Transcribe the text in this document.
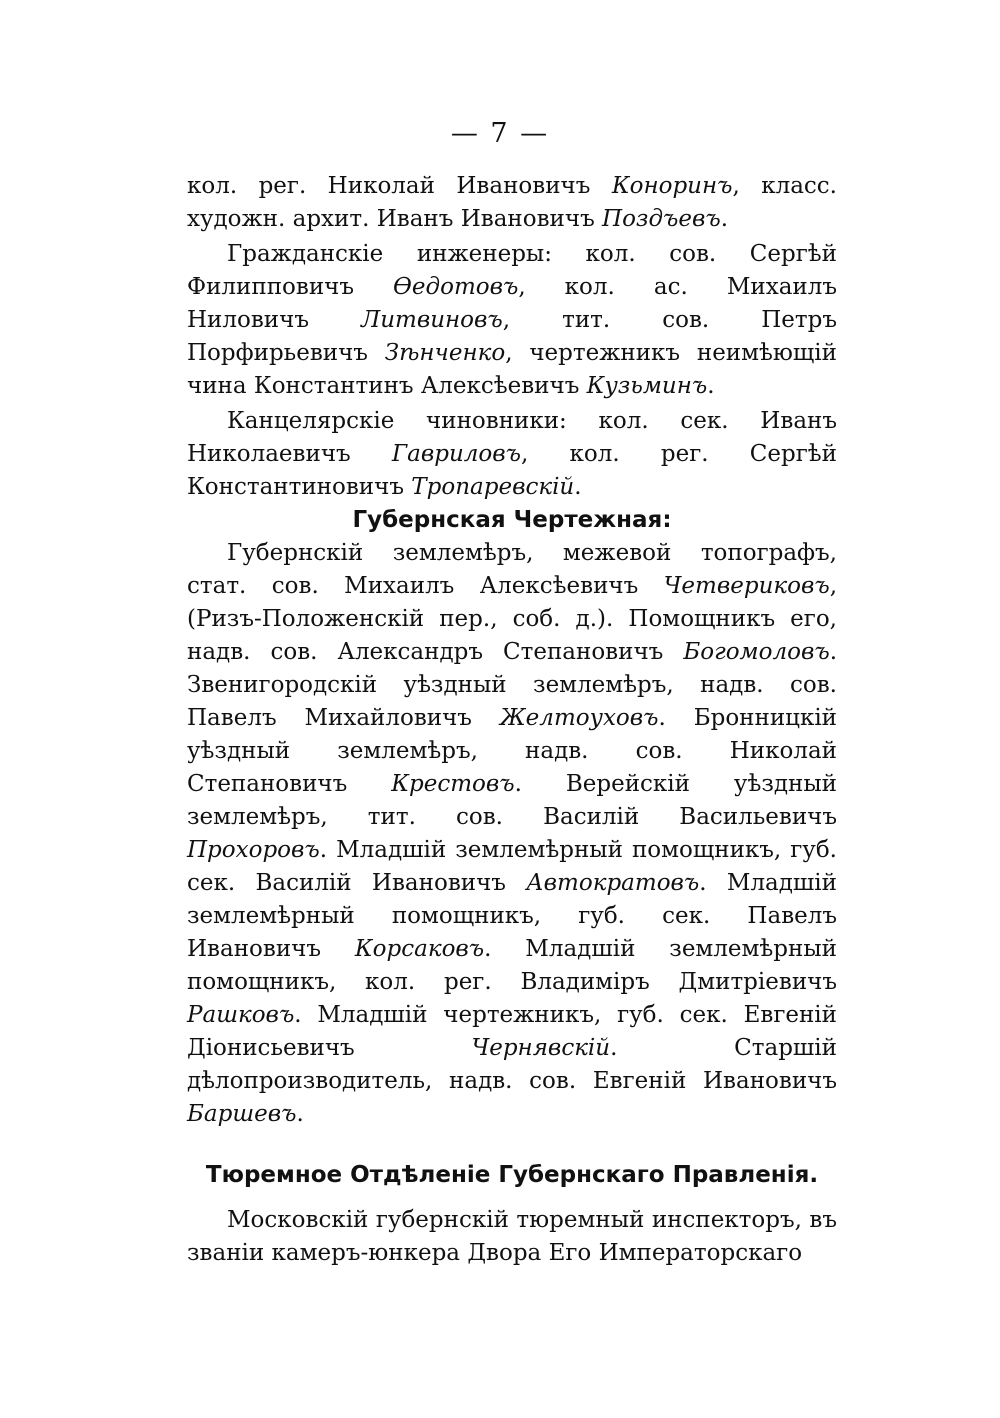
— 7 —

кол. рег. Николай Ивановичъ Коноринъ, класс. художн. архит. Иванъ Ивановичъ Поздъевъ.

Гражданскіе инженеры: кол. сов. Сергѣй Филипповичъ Өедотовъ, кол. ас. Михаилъ Ниловичъ Литвиновъ, тит. сов. Петръ Порфирьевичъ Зѣнченко, чертежникъ неимѣющій чина Константинъ Алексѣевичъ Кузьминъ.

Канцелярскіе чиновники: кол. сек. Иванъ Николаевичъ Гавриловъ, кол. рег. Сергѣй Константиновичъ Тропаревскій.

Губернская Чертежная:

Губернскій землемѣръ, межевой топографъ, стат. сов. Михаилъ Алексѣевичъ Четвериковъ, (Ризъ-Положенскій пер., соб. д.). Помощникъ его, надв. сов. Александръ Степановичъ Богомоловъ. Звенигородскій уѣздный землемѣръ, надв. сов. Павелъ Михайловичъ Желтоуховъ. Бронницкій уѣздный землемѣръ, надв. сов. Николай Степановичъ Крестовъ. Верейскій уѣздный землемѣръ, тит. сов. Василій Васильевичъ Прохоровъ. Младшій землемѣрный помощникъ, губ. сек. Василій Ивановичъ Автократовъ. Младшій землемѣрный помощникъ, губ. сек. Павелъ Ивановичъ Корсаковъ. Младшій землемѣрный помощникъ, кол. рег. Владиміръ Дмитріевичъ Рашковъ. Младшій чертежникъ, губ. сек. Евгеній Діонисьевичъ Чернявскій. Старшій дѣлопроизводитель, надв. сов. Евгеній Ивановичъ Баршевъ.

Тюремное Отдѣленіе Губернскаго Правленія.

Московскій губернскій тюремный инспекторъ, въ званіи камеръ-юнкера Двора Его Императорскаго
